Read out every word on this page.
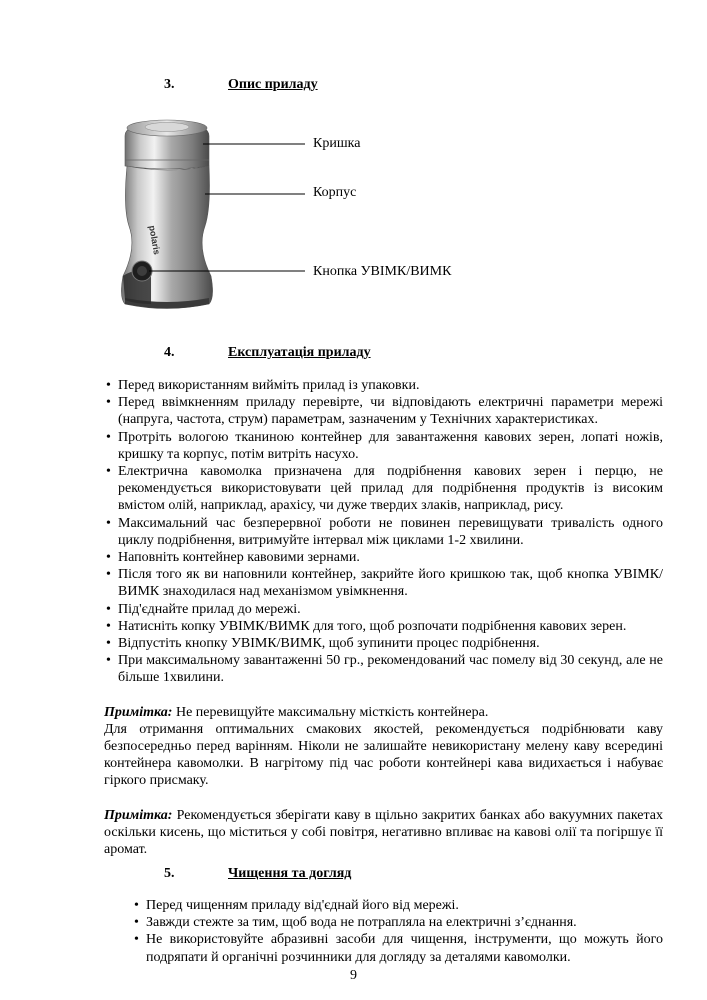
3.	Опис приладу
polaris
Кришка
Корпус
Кнопка УВІМК/ВИМК
4.	Експлуатація приладу
• Перед використанням вийміть прилад із упаковки.
• Перед ввімкненням приладу перевірте, чи відповідають електричні параметри мережі (напруга, частота, струм) параметрам, зазначеним у Технічних характеристиках.
• Протріть вологою тканиною контейнер для завантаження кавових зерен, лопаті ножів, кришку та корпус, потім витріть насухо.
• Електрична кавомолка призначена для подрібнення кавових зерен і перцю, не рекомендується використовувати цей прилад для подрібнення продуктів із високим вмістом олій, наприклад, арахісу, чи дуже твердих злаків, наприклад, рису.
• Максимальний час безперервної роботи не повинен перевищувати тривалість одного циклу подрібнення, витримуйте інтервал між циклами 1-2 хвилини.
• Наповніть контейнер кавовими зернами.
• Після того як ви наповнили контейнер, закрийте його кришкою так, щоб кнопка УВІМК/ВИМК знаходилася над механізмом увімкнення.
• Під'єднайте прилад до мережі.
• Натисніть копку УВІМК/ВИМК для того, щоб розпочати подрібнення кавових зерен.
• Відпустіть кнопку УВІМК/ВИМК, щоб зупинити процес подрібнення.
• При максимальному завантаженні 50 гр., рекомендований час помелу від 30 секунд, але не більше 1хвилини.

Примітка: Не перевищуйте максимальну місткість контейнера.

Для отримання оптимальних смакових якостей, рекомендується подрібнювати каву безпосередньо перед варінням. Ніколи не залишайте невикористану мелену каву всередині контейнера кавомолки. В нагрітому під час роботи контейнері кава видихається і набуває гіркого присмаку.

Примітка: Рекомендується зберігати каву в щільно закритих банках або вакуумних пакетах оскільки кисень, що міститься у собі повітря, негативно впливає на кавові олії та погіршує її аромат.

5.	Чищення та догляд
• Перед чищенням приладу від'єднай його від мережі.
• Завжди стежте за тим, щоб вода не потрапляла на електричні з’єднання.
• Не використовуйте абразивні засоби для чищення, інструменти, що можуть його подряпати й органічні розчинники для догляду за деталями кавомолки.
9
